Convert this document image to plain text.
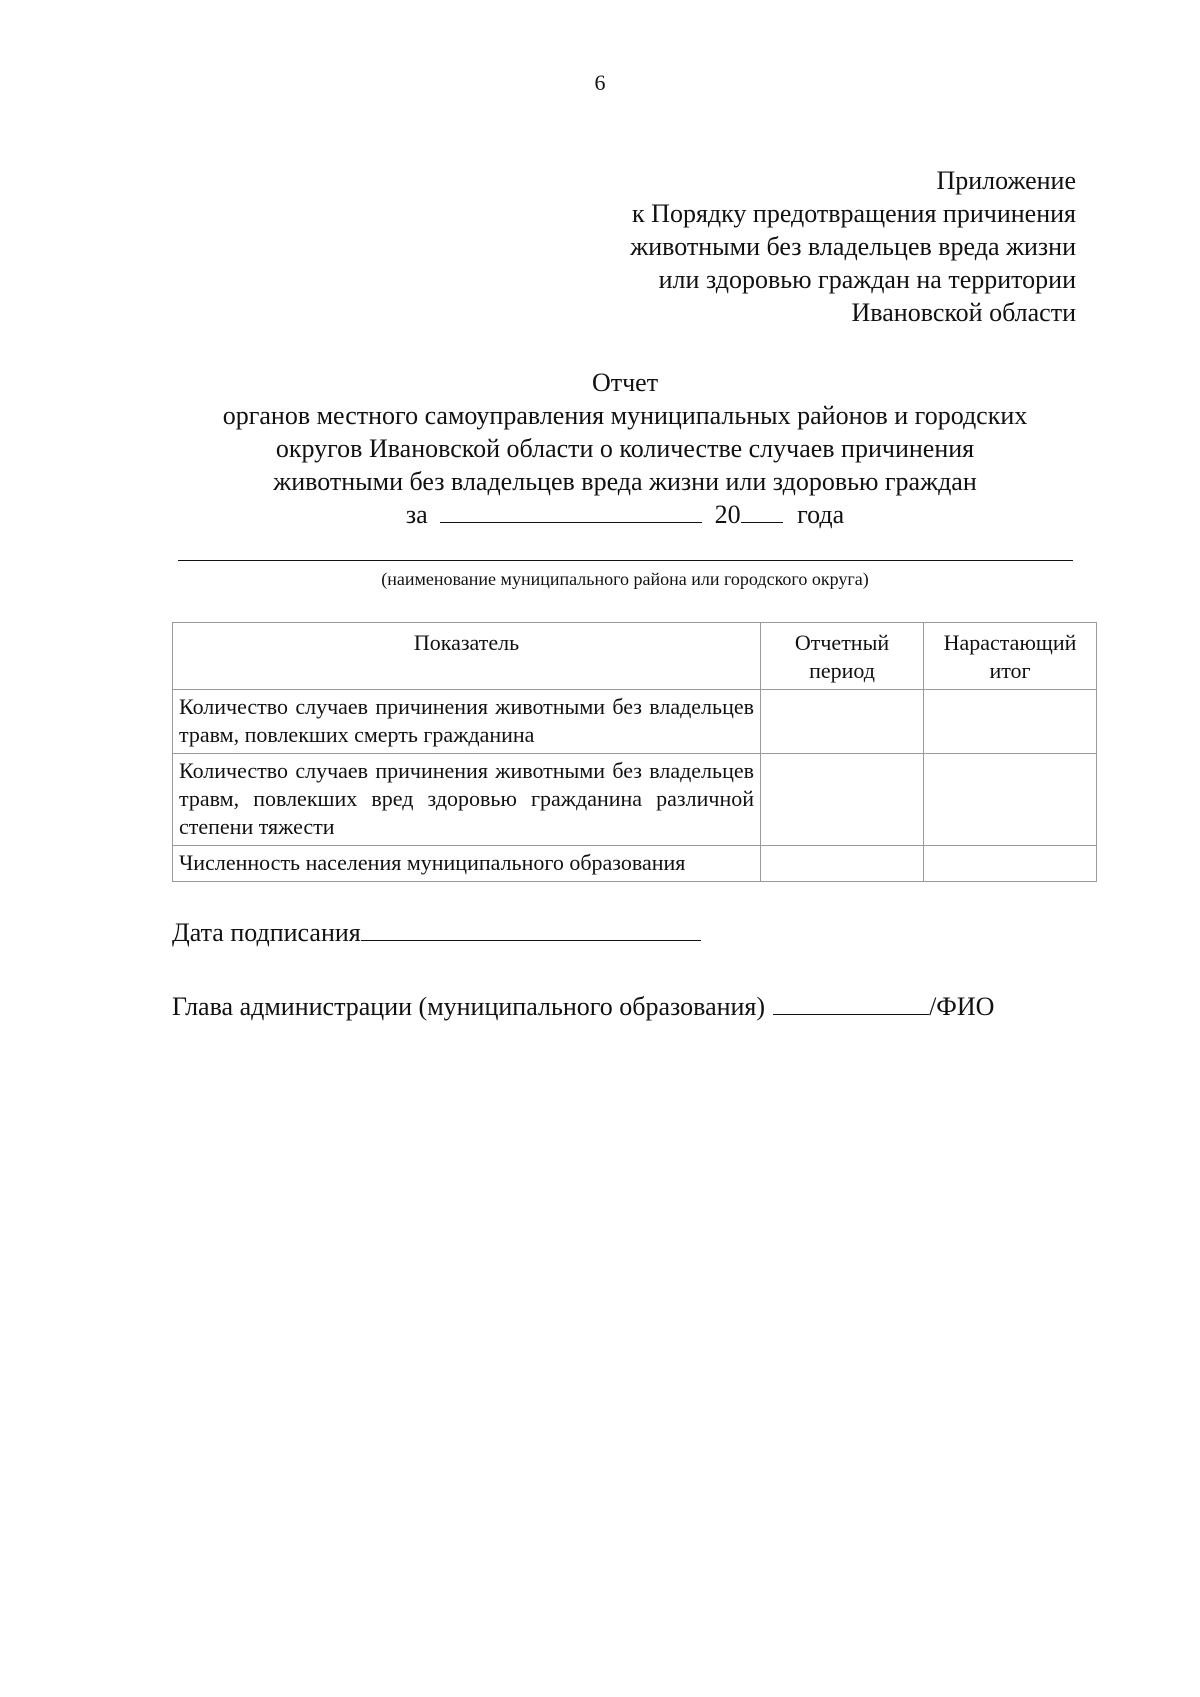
6
Приложение
к Порядку предотвращения причинения
животными без владельцев вреда жизни
или здоровью граждан на территории
Ивановской области
Отчет
органов местного самоуправления муниципальных районов и городских
округов Ивановской области о количестве случаев причинения
животными без владельцев вреда жизни или здоровью граждан
за	20 года
(наименование муниципального района или городского округа)
Показатель	Отчетный период	Нарастающий итог
Количество случаев причинения животными без владельцев травм, повлекших смерть гражданина		
Количество случаев причинения животными без владельцев травм, повлекших вред здоровью гражданина различной степени тяжести		
Численность населения муниципального образования		
Дата подписания
Глава администрации (муниципального образования)	/ФИО
